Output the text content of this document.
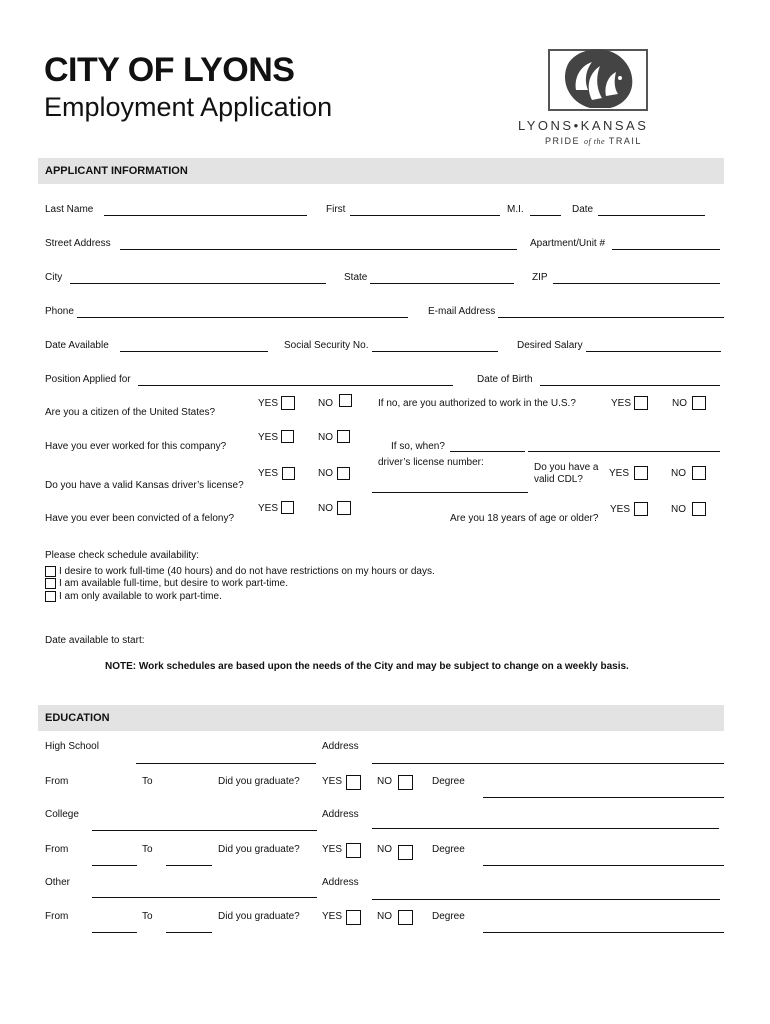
CITY OF LYONS
Employment Application
LYONS•KANSAS
PRIDE of the TRAIL
APPLICANT INFORMATION
Last Name	First	M.I.	Date
Street Address	Apartment/Unit #
City	State	ZIP
Phone	E-mail Address
Date Available	Social Security No.	Desired Salary
Position Applied for	Date of Birth
Are you a citizen of the United States?
YES	NO	If no, are you authorized to work in the U.S.?	YES	NO
Have you ever worked for this company?
YES	NO
If so, when?
driver’s license number:
Do you have a valid Kansas driver’s license?
YES	NO
Do you have a
valid CDL?
YES	NO
Have you ever been convicted of a felony?
YES	NO
Are you 18 years of age or older?
YES	NO
Please check schedule availability:
I desire to work full-time (40 hours) and do not have restrictions on my hours or days.
I am available full-time, but desire to work part-time.
I am only available to work part-time.
Date available to start:
NOTE: Work schedules are based upon the needs of the City and may be subject to change on a weekly basis.
EDUCATION
High School	Address
From	To	Did you graduate? YES	NO	Degree
College	Address
From	To	Did you graduate? YES	NO	Degree
Other	Address
From	To	Did you graduate? YES	NO	Degree
